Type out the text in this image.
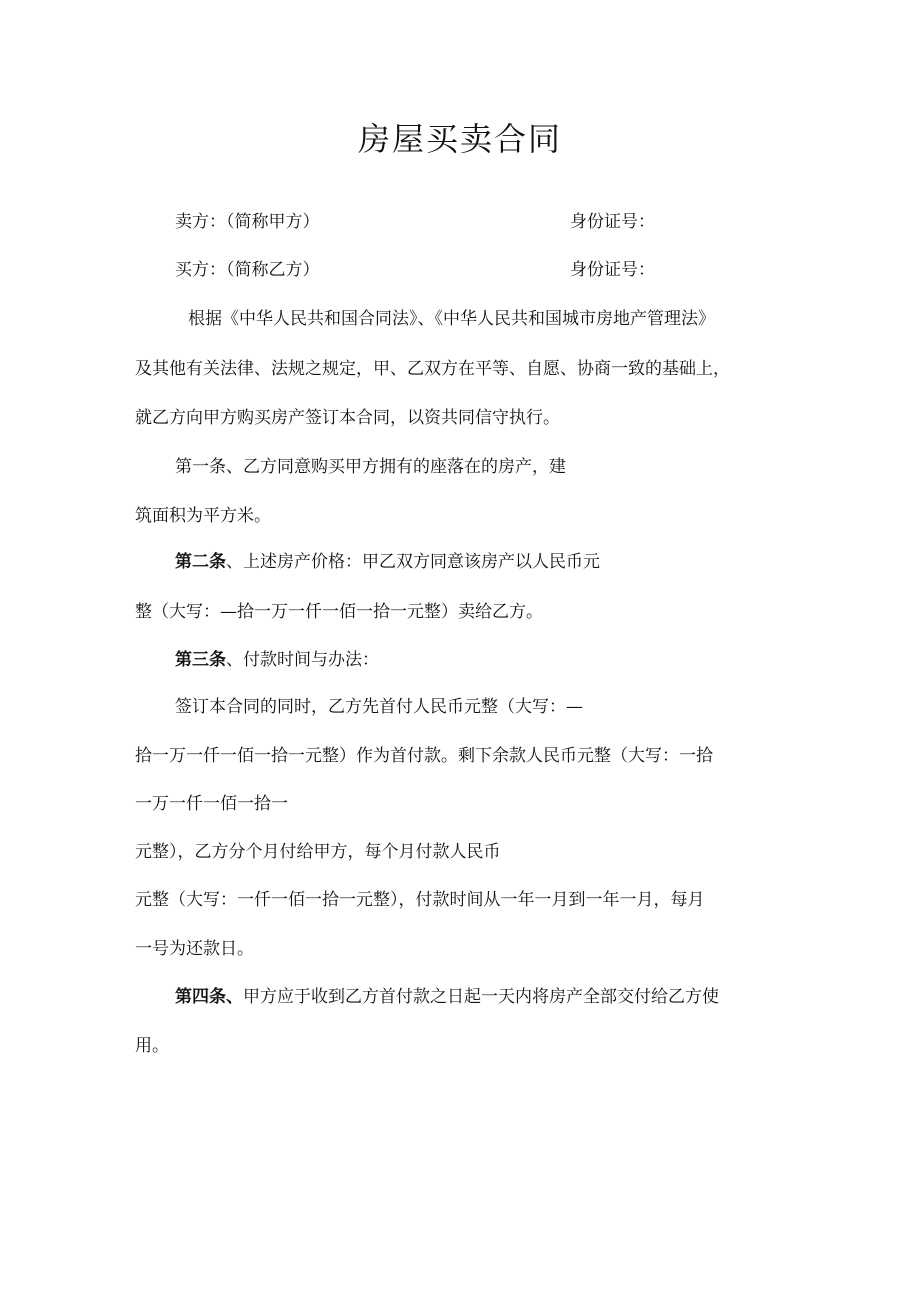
房屋买卖合同
卖方：（简称甲方）	身份证号：
买方：（简称乙方）	身份证号：
根据《中华人民共和国合同法》、《中华人民共和国城市房地产管理法》
及其他有关法律、法规之规定，甲、乙双方在平等、自愿、协商一致的基础上，
就乙方向甲方购买房产签订本合同，以资共同信守执行。
第一条、乙方同意购买甲方拥有的座落在的房产，建
筑面积为平方米。
第二条、上述房产价格：甲乙双方同意该房产以人民币元
整（大写：—拾一万一仟一佰一拾一元整）卖给乙方。
第三条、付款时间与办法：
签订本合同的同时，乙方先首付人民币元整（大写：—
拾一万一仟一佰一拾一元整）作为首付款。剩下余款人民币元整（大写：一拾
一万一仟一佰一拾一
元整），乙方分个月付给甲方，每个月付款人民币
元整（大写：一仟一佰一拾一元整），付款时间从一年一月到一年一月，每月
一号为还款日。
第四条、甲方应于收到乙方首付款之日起一天内将房产全部交付给乙方使
用。
